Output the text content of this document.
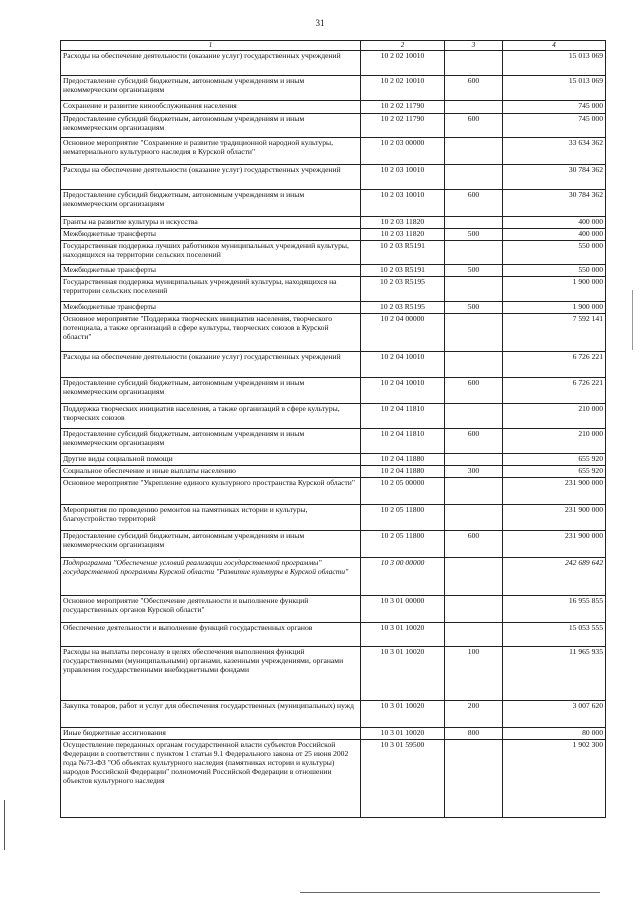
31
1	2	3	4
Расходы на обеспечение деятельности (оказание услуг) государственных учреждений	10 2 02 10010		15 013 069
Предоставление субсидий бюджетным, автономным учреждениям и иным некоммерческим организациям	10 2 02 10010	600	15 013 069
Сохранение и развитие кинообслуживания населения	10 2 02 11790		745 000
Предоставление субсидий бюджетным, автономным учреждениям и иным некоммерческим организациям	10 2 02 11790	600	745 000
Основное мероприятие "Сохранение и развитие традиционной народной культуры, нематериального культурного наследия в Курской области"	10 2 03 00000		33 634 362
Расходы на обеспечение деятельности (оказание услуг) государственных учреждений	10 2 03 10010		30 784 362
Предоставление субсидий бюджетным, автономным учреждениям и иным некоммерческим организациям	10 2 03 10010	600	30 784 362
Гранты на развитие культуры и искусства	10 2 03 11820		400 000
Межбюджетные трансферты	10 2 03 11820	500	400 000
Государственная поддержка лучших работников муниципальных учреждений культуры, находящихся на территории сельских поселений	10 2 03 R5191		550 000
Межбюджетные трансферты	10 2 03 R5191	500	550 000
Государственная поддержка муниципальных учреждений культуры, находящихся на территории сельских поселений	10 2 03 R5195		1 900 000
Межбюджетные трансферты	10 2 03 R5195	500	1 900 000
Основное мероприятие "Поддержка творческих инициатив населения, творческого потенциала, а также организаций в сфере культуры, творческих союзов в Курской области"	10 2 04 00000		7 592 141
Расходы на обеспечение деятельности (оказание услуг) государственных учреждений	10 2 04 10010		6 726 221
Предоставление субсидий бюджетным, автономным учреждениям и иным некоммерческим организациям	10 2 04 10010	600	6 726 221
Поддержка творческих инициатив населения, а также организаций в сфере культуры, творческих союзов	10 2 04 11810		210 000
Предоставление субсидий бюджетным, автономным учреждениям и иным некоммерческим организациям	10 2 04 11810	600	210 000
Другие виды социальной помощи	10 2 04 11880		655 920
Социальное обеспечение и иные выплаты населению	10 2 04 11880	300	655 920
Основное мероприятие "Укрепление единого культурного пространства Курской области"	10 2 05 00000		231 900 000
Мероприятия по проведению ремонтов на памятниках истории и культуры, благоустройство территорий	10 2 05 11800		231 900 000
Предоставление субсидий бюджетным, автономным учреждениям и иным некоммерческим организациям	10 2 05 11800	600	231 900 000
Подпрограмма "Обеспечение условий реализации государственной программы" государственной программы Курской области "Развитие культуры в Курской области"	10 3 00 00000		242 689 642
Основное мероприятие "Обеспечение деятельности и выполнение функций государственных органов Курской области"	10 3 01 00000		16 955 855
Обеспечение деятельности и выполнение функций государственных органов	10 3 01 10020		15 053 555
Расходы на выплаты персоналу в целях обеспечения выполнения функций государственными (муниципальными) органами, казенными учреждениями, органами управления государственными внебюджетными фондами	10 3 01 10020	100	11 965 935
Закупка товаров, работ и услуг для обеспечения государственных (муниципальных) нужд	10 3 01 10020	200	3 007 620
Иные бюджетные ассигнования	10 3 01 10020	800	80 000
Осуществление переданных органам государственной власти субъектов Российской Федерации в соответствии с пунктом 1 статьи 9.1 Федерального закона от 25 июня 2002 года №73-ФЗ "Об объектах культурного наследия (памятниках истории и культуры) народов Российской Федерации" полномочий Российской Федерации в отношении объектов культурного наследия	10 3 01 59500		1 902 300
